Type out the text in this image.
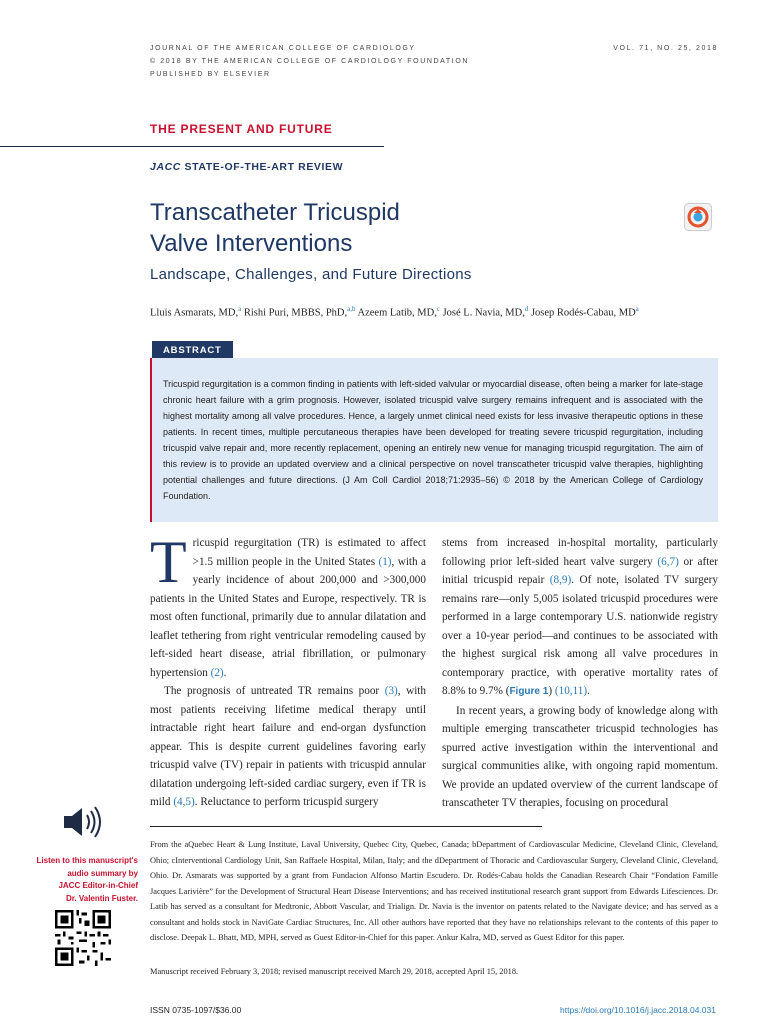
JOURNAL OF THE AMERICAN COLLEGE OF CARDIOLOGY
© 2018 BY THE AMERICAN COLLEGE OF CARDIOLOGY FOUNDATION
PUBLISHED BY ELSEVIER
VOL. 71, NO. 25, 2018
THE PRESENT AND FUTURE
JACC STATE-OF-THE-ART REVIEW
Transcatheter Tricuspid
Valve Interventions
Landscape, Challenges, and Future Directions
Lluis Asmarats, MD,$^a$ Rishi Puri, MBBS, PhD,$^{a,b}$ Azeem Latib, MD,$^c$ José L. Navia, MD,$^d$ Josep Rodés-Cabau, $MD^a$
ABSTRACT
Tricuspid regurgitation is a common finding in patients with left-sided valvular or myocardial disease, often being a marker for late-stage chronic heart failure with a grim prognosis. However, isolated tricuspid valve surgery remains infrequent and is associated with the highest mortality among all valve procedures. Hence, a largely unmet clinical need exists for less invasive therapeutic options in these patients. In recent times, multiple percutaneous therapies have been developed for treating severe tricuspid regurgitation, including tricuspid valve repair and, more recently replacement, opening an entirely new venue for managing tricuspid regurgitation. The aim of this review is to provide an updated overview and a clinical perspective on novel transcatheter tricuspid valve therapies, highlighting potential challenges and future directions. (J Am Coll Cardiol 2018;71:2935–56) © 2018 by the American College of Cardiology Foundation.

Tricuspid regurgitation (TR) is estimated to affect >1.5 million people in the United States (1), with a yearly incidence of about 200,000 and >300,000 patients in the United States and Europe, respectively. TR is most often functional, primarily due to annular dilatation and leaflet tethering from right ventricular remodeling caused by left-sided heart disease, atrial fibrillation, or pulmonary hypertension (2).

The prognosis of untreated TR remains poor (3), with most patients receiving lifetime medical therapy until intractable right heart failure and end-organ dysfunction appear. This is despite current guidelines favoring early tricuspid valve (TV) repair in patients with tricuspid annular dilatation undergoing left-sided cardiac surgery, even if TR is mild (4,5). Reluctance to perform tricuspid surgery

stems from increased in-hospital mortality, particularly following prior left-sided heart valve surgery (6,7) or after initial tricuspid repair (8,9). Of note, isolated TV surgery remains rare—only 5,005 isolated tricuspid procedures were performed in a large contemporary U.S. nationwide registry over a 10-year period—and continues to be associated with the highest surgical risk among all valve procedures in contemporary practice, with operative mortality rates of 8.8% to 9.7% (Figure 1) (10,11).

In recent years, a growing body of knowledge along with multiple emerging transcatheter tricuspid technologies has spurred active investigation within the interventional and surgical communities alike, with ongoing rapid momentum. We provide an updated overview of the current landscape of transcatheter TV therapies, focusing on procedural

Listen to this manuscript's
audio summary by
JACC Editor-in-Chief
Dr. Valentin Fuster.
From the aQuebec Heart & Lung Institute, Laval University, Quebec City, Quebec, Canada; bDepartment of Cardiovascular Medicine, Cleveland Clinic, Cleveland, Ohio; cInterventional Cardiology Unit, San Raffaele Hospital, Milan, Italy; and the dDepartment of Thoracic and Cardiovascular Surgery, Cleveland Clinic, Cleveland, Ohio. Dr. Asmarats was supported by a grant from Fundacion Alfonso Martin Escudero. Dr. Rodés-Cabau holds the Canadian Research Chair “Fondation Famille Jacques Larivière” for the Development of Structural Heart Disease Interventions; and has received institutional research grant support from Edwards Lifesciences. Dr. Latib has served as a consultant for Medtronic, Abbott Vascular, and Trialign. Dr. Navia is the inventor on patents related to the Navigate device; and has served as a consultant and holds stock in NaviGate Cardiac Structures, Inc. All other authors have reported that they have no relationships relevant to the contents of this paper to disclose. Deepak L. Bhatt, MD, MPH, served as Guest Editor-in-Chief for this paper. Ankur Kalra, MD, served as Guest Editor for this paper.
Manuscript received February 3, 2018; revised manuscript received March 29, 2018, accepted April 15, 2018.
ISSN 0735-1097/$36.00	https://doi.org/10.1016/j.jacc.2018.04.031
